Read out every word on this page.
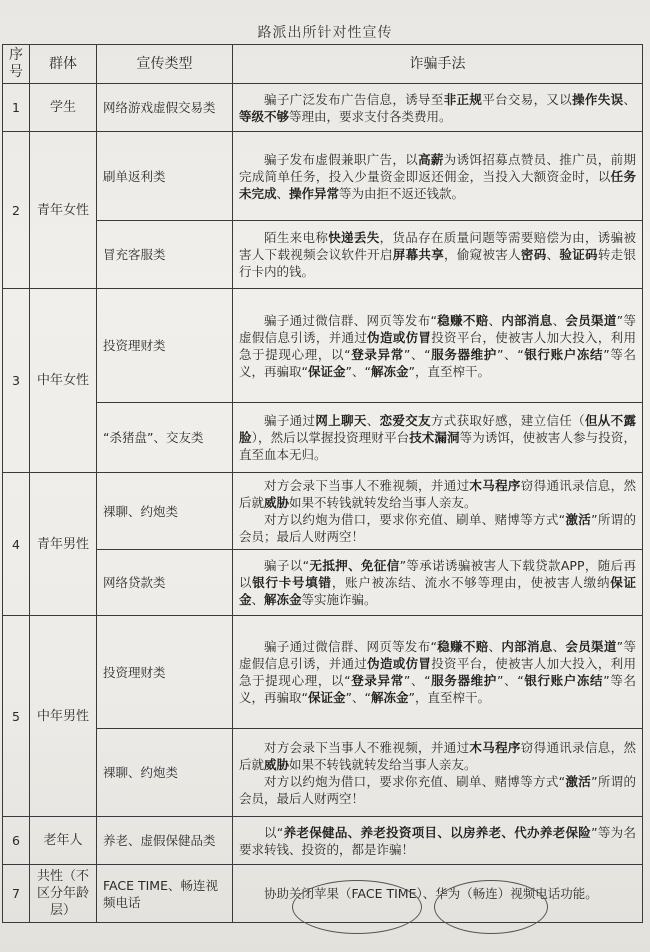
路派出所针对性宣传
序号	群体	宣传类型	诈骗手法
1	学生	网络游戏虚假交易类	骗子广泛发布广告信息，诱导至非正规平台交易，又以操作失误、等级不够等理由，要求支付各类费用。

2	青年女性	刷单返利类	骗子发布虚假兼职广告，以高薪为诱饵招募点赞员、推广员，前期完成简单任务，投入少量资金即返还佣金，当投入大额资金时，以任务未完成、操作异常等为由拒不返还钱款。

		冒充客服类	陌生来电称快递丢失，货品存在质量问题等需要赔偿为由，诱骗被害人下载视频会议软件开启屏幕共享，偷窥被害人密码、验证码转走银行卡内的钱。

3	中年女性	投资理财类	骗子通过微信群、网页等发布“稳赚不赔、内部消息、会员渠道”等虚假信息引诱，并通过伪造或仿冒投资平台，使被害人加大投入，利用急于提现心理，以“登录异常”、“服务器维护”、“银行账户冻结”等名义，再骗取“保证金”、“解冻金”，直至榨干。

		“杀猪盘”、交友类	骗子通过网上聊天、恋爱交友方式获取好感，建立信任（但从不露脸），然后以掌握投资理财平台技术漏洞等为诱饵，使被害人参与投资，直至血本无归。

4	青年男性	裸聊、约炮类	对方会录下当事人不雅视频，并通过木马程序窃得通讯录信息，然后就威胁如果不转钱就转发给当事人亲友。
对方以约炮为借口，要求你充值、刷单、赌博等方式“激活”所谓的会员；最后人财两空！

		网络贷款类	骗子以“无抵押、免征信”等承诺诱骗被害人下载贷款APP，随后再以银行卡号填错，账户被冻结、流水不够等理由，使被害人缴纳保证金、解冻金等实施诈骗。

5	中年男性	投资理财类	骗子通过微信群、网页等发布“稳赚不赔、内部消息、会员渠道”等虚假信息引诱，并通过伪造或仿冒投资平台，使被害人加大投入，利用急于提现心理，以“登录异常”、“服务器维护”、“银行账户冻结”等名义，再骗取“保证金”、“解冻金”，直至榨干。

		裸聊、约炮类	对方会录下当事人不雅视频，并通过木马程序窃得通讯录信息，然后就威胁如果不转钱就转发给当事人亲友。
对方以约炮为借口，要求你充值、刷单、赌博等方式“激活”所谓的会员，最后人财两空！

6	老年人	养老、虚假保健品类	以“养老保健品、养老投资项目、以房养老、代办养老保险”等为名要求转钱、投资的，都是诈骗！

7	共性（不区分年龄层）	FACE TIME、畅连视频电话	协助关闭苹果（FACE TIME）、华为（畅连）视频电话功能。
